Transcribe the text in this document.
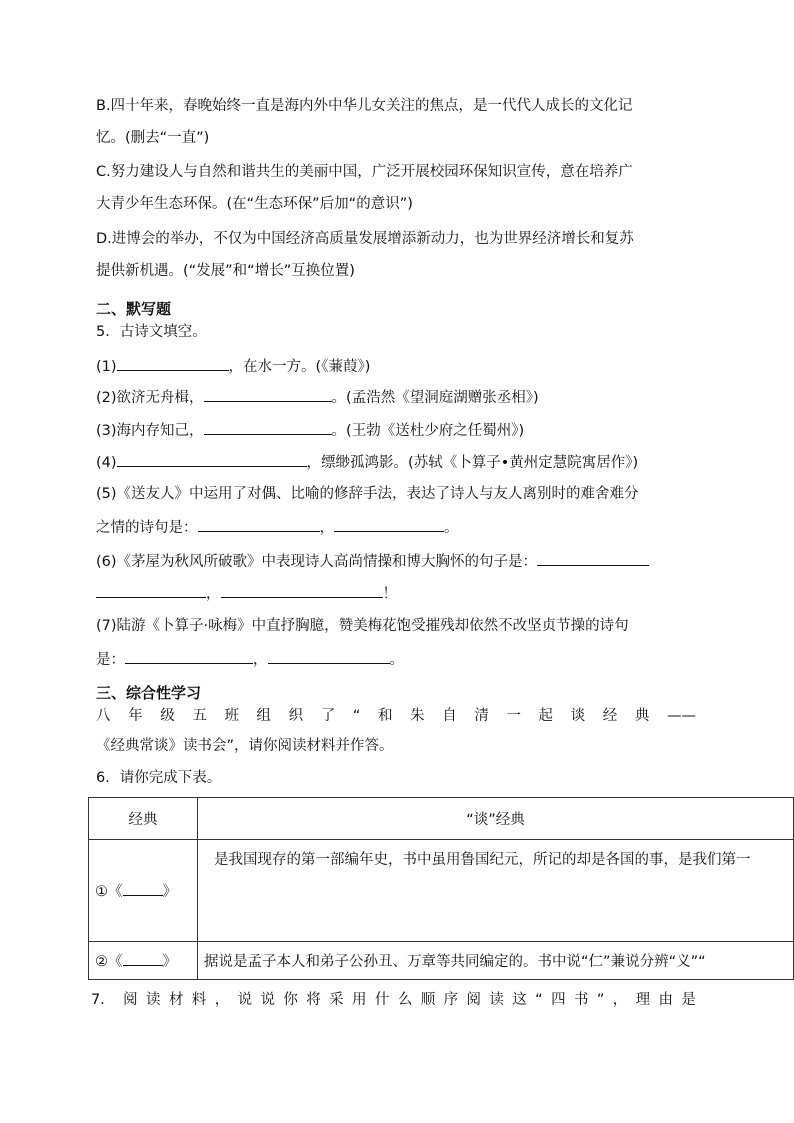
B.四十年来，春晚始终一直是海内外中华儿女关注的焦点，是一代代人成长的文化记
忆。(删去“一直”)
C.努力建设人与自然和谐共生的美丽中国，广泛开展校园环保知识宣传，意在培养广
大青少年生态环保。(在“生态环保”后加“的意识”)
D.进博会的举办，不仅为中国经济高质量发展增添新动力，也为世界经济增长和复苏
提供新机遇。(“发展”和“增长”互换位置)
二、默写题
5．古诗文填空。
(1)	，在水一方。(《蒹葭》)
(2)欲济无舟楫，	。(孟浩然《望洞庭湖赠张丞相》)
(3)海内存知己，	。(王勃《送杜少府之任蜀州》)
(4)	，缥缈孤鸿影。(苏轼《卜算子•黄州定慧院寓居作》)
(5)《送友人》中运用了对偶、比喻的修辞手法，表达了诗人与友人离别时的难舍难分
之情的诗句是：	，	。
(6)《茅屋为秋风所破歌》中表现诗人高尚情操和博大胸怀的句子是：
，	！
(7)陆游《卜算子·咏梅》中直抒胸臆，赞美梅花饱受摧残却依然不改坚贞节操的诗句
是：	，	。
三、综合性学习
八 年 级 五 班 组 织 了 “ 和 朱 自 清 一 起 谈 经 典 ——
《经典常谈》读书会”，请你阅读材料并作答。
6．请你完成下表。
经典	“谈”经典
①《 》	是我国现存的第一部编年史，书中虽用鲁国纪元，所记的却是各国的事，是我们第一

②《 》	据说是孟子本人和弟子公孙丑、万章等共同编定的。书中说“仁”兼说分辨“义”“
7． 阅 读 材 料 ， 说 说 你 将 采 用 什 么 顺 序 阅 读 这 “ 四 书 ” ， 理 由 是
